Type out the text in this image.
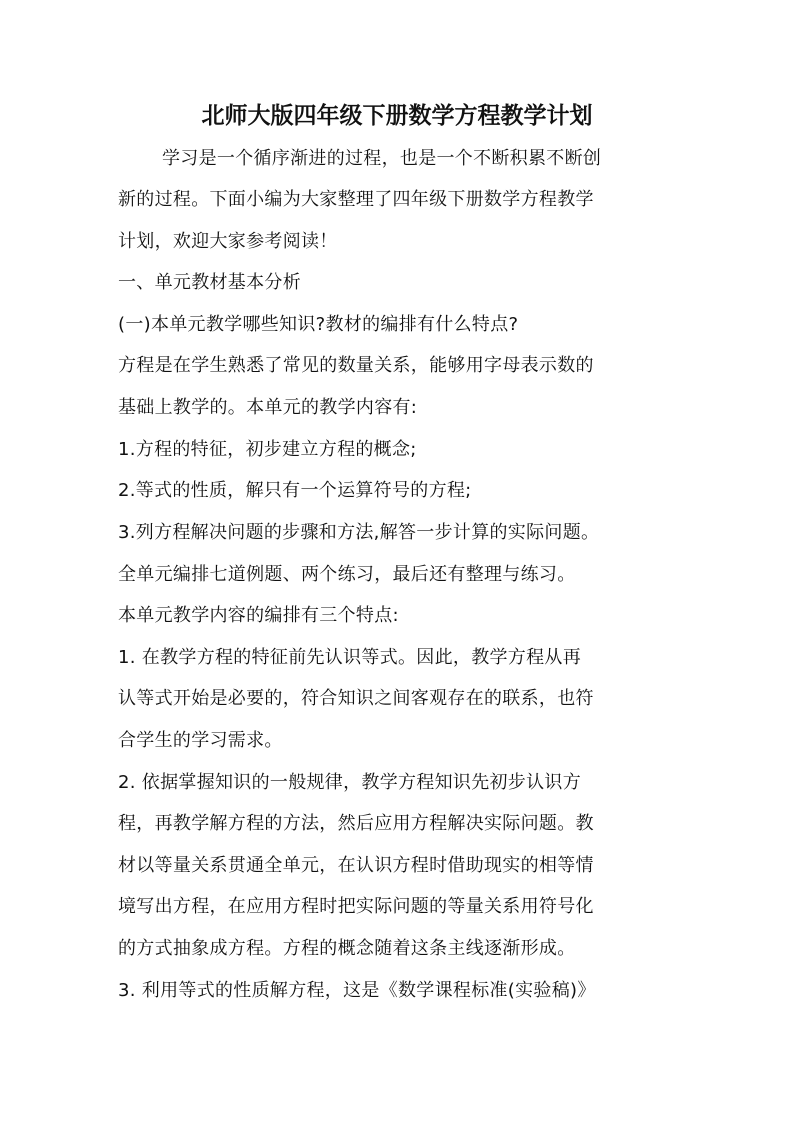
北师大版四年级下册数学方程教学计划
学习是一个循序渐进的过程，也是一个不断积累不断创
新的过程。下面小编为大家整理了四年级下册数学方程教学
计划，欢迎大家参考阅读！
一、单元教材基本分析
(一)本单元教学哪些知识?教材的编排有什么特点?
方程是在学生熟悉了常见的数量关系，能够用字母表示数的
基础上教学的。本单元的教学内容有:
1.方程的特征，初步建立方程的概念;
2.等式的性质，解只有一个运算符号的方程;
3.列方程解决问题的步骤和方法,解答一步计算的实际问题。
全单元编排七道例题、两个练习，最后还有整理与练习。
本单元教学内容的编排有三个特点:
1. 在教学方程的特征前先认识等式。因此，教学方程从再
认等式开始是必要的，符合知识之间客观存在的联系，也符
合学生的学习需求。
2. 依据掌握知识的一般规律，教学方程知识先初步认识方
程，再教学解方程的方法，然后应用方程解决实际问题。教
材以等量关系贯通全单元，在认识方程时借助现实的相等情
境写出方程，在应用方程时把实际问题的等量关系用符号化
的方式抽象成方程。方程的概念随着这条主线逐渐形成。
3. 利用等式的性质解方程，这是《数学课程标准(实验稿)》
